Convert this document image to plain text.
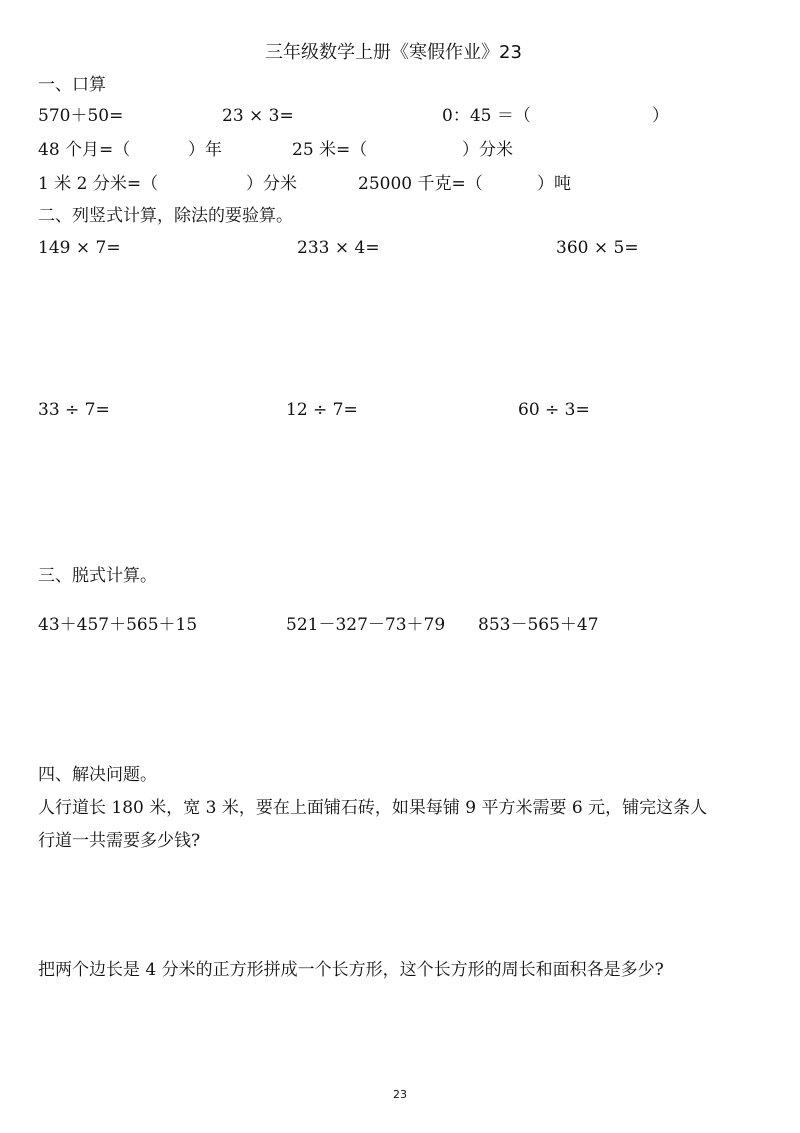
三年级数学上册《寒假作业》23
一、口算
570＋50=	23 × 3=	0：45 ＝（	）
48 个月=（	）年	25 米=（	）分米
1 米 2 分米=（	）分米	25000 千克=（	）吨
二、列竖式计算，除法的要验算。
149 × 7=	233 × 4=	360 × 5=
33 ÷ 7=	12 ÷ 7=	60 ÷ 3=
三、脱式计算。
43＋457＋565＋15	521－327－73＋79 853－565＋47
四、解决问题。
人行道长 180 米，宽 3 米，要在上面铺石砖，如果每铺 9 平方米需要 6 元，铺完这条人
行道一共需要多少钱?
把两个边长是 4 分米的正方形拼成一个长方形，这个长方形的周长和面积各是多少?
23
